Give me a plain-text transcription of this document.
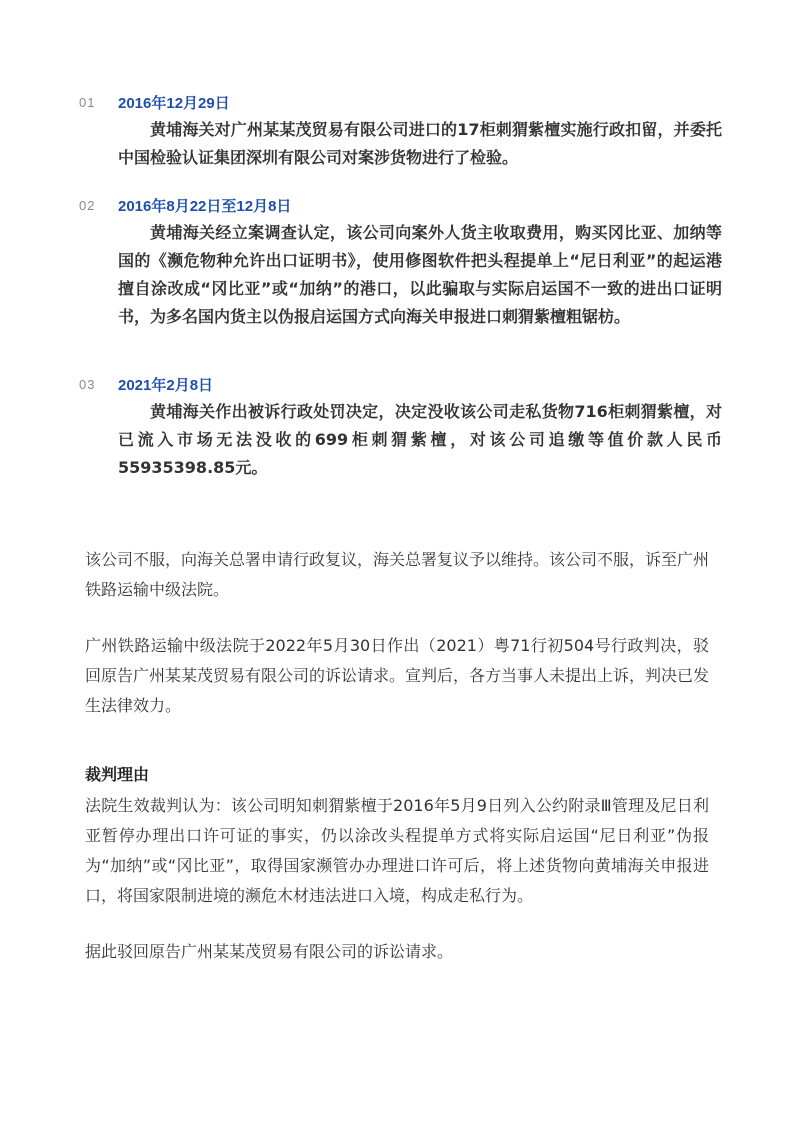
01 2016年12月29日
黄埔海关对广州某某茂贸易有限公司进口的17柜刺猬紫檀实施行政扣留，并委托中国检验认证集团深圳有限公司对案涉货物进行了检验。
02 2016年8月22日至12月8日
黄埔海关经立案调查认定，该公司向案外人货主收取费用，购买冈比亚、加纳等国的《濒危物种允许出口证明书》，使用修图软件把头程提单上“尼日利亚”的起运港擅自涂改成“冈比亚”或“加纳”的港口，以此骗取与实际启运国不一致的进出口证明书，为多名国内货主以伪报启运国方式向海关申报进口刺猬紫檀粗锯枋。
03 2021年2月8日
黄埔海关作出被诉行政处罚决定，决定没收该公司走私货物716柜刺猬紫檀，对已流入市场无法没收的699柜刺猬紫檀，对该公司追缴等值价款人民币55935398.85元。
该公司不服，向海关总署申请行政复议，海关总署复议予以维持。该公司不服，诉至广州铁路运输中级法院。
广州铁路运输中级法院于2022年5月30日作出（2021）粤71行初504号行政判决，驳回原告广州某某茂贸易有限公司的诉讼请求。宣判后，各方当事人未提出上诉，判决已发生法律效力。
裁判理由
法院生效裁判认为：该公司明知刺猬紫檀于2016年5月9日列入公约附录Ⅲ管理及尼日利亚暂停办理出口许可证的事实，仍以涂改头程提单方式将实际启运国“尼日利亚”伪报为“加纳”或“冈比亚”，取得国家濒管办办理进口许可后，将上述货物向黄埔海关申报进口，将国家限制进境的濒危木材违法进口入境，构成走私行为。
据此驳回原告广州某某茂贸易有限公司的诉讼请求。
